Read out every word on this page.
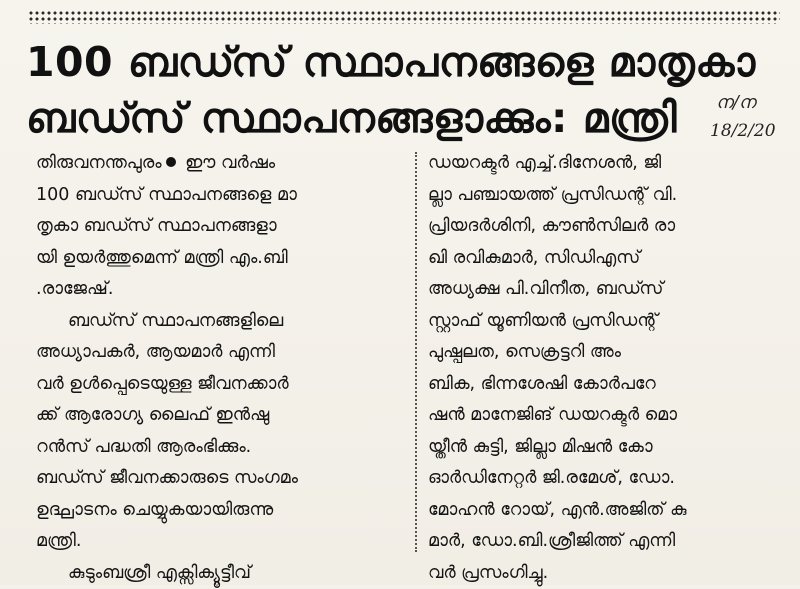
100 ബഡ്സ് സ്ഥാപനങ്ങളെ മാതൃകാ
ബഡ്സ് സ്ഥാപനങ്ങളാക്കും: മന്ത്രി	ന/ന
18/2/20
തിരുവനന്തപുരം ഈ വർഷം
100 ബഡ്സ് സ്ഥാപനങ്ങളെ മാ
തൃകാ ബഡ്സ് സ്ഥാപനങ്ങളാ
യി ഉയർത്തുമെന്ന് മന്ത്രി എം.ബി
.രാജേഷ്.
ബഡ്സ് സ്ഥാപനങ്ങളിലെ
അധ്യാപകർ, ആയമാർ എന്നി
വർ ഉൾപ്പെടെയുള്ള ജീവനക്കാർ
ക്ക് ആരോഗ്യ ലൈഫ് ഇൻഷു
റൻസ് പദ്ധതി ആരംഭിക്കും.
ബഡ്സ് ജീവനക്കാരുടെ സംഗമം
ഉദ്ഘാടനം ചെയ്യുകയായിരുന്നു
മന്ത്രി.
കുടുംബശ്രീ എക്സിക്യൂട്ടീവ്
ഡയറക്ടർ എച്ച്.ദിനേശൻ, ജി
ല്ലാ പഞ്ചായത്ത് പ്രസിഡന്റ് വി.
പ്രിയദർശിനി, കൗൺസിലർ രാ
ഖി രവികുമാർ, സിഡിഎസ്
അധ്യക്ഷ പി.വിനീത, ബഡ്സ്
സ്റ്റാഫ് യൂണിയൻ പ്രസിഡന്റ്
പുഷ്പലത, സെക്രട്ടറി അം
ബിക, ഭിന്നശേഷി കോർപറേ
ഷൻ മാനേജിങ് ഡയറക്ടർ മൊ
യ്തീൻ കുട്ടി, ജില്ലാ മിഷൻ കോ
ഓർഡിനേറ്റർ ജി.രമേശ്, ഡോ.
മോഹൻ റോയ്, എൻ.അജിത് കു
മാർ, ഡോ.ബി.ശ്രീജിത്ത് എന്നി
വർ പ്രസംഗിച്ചു.
